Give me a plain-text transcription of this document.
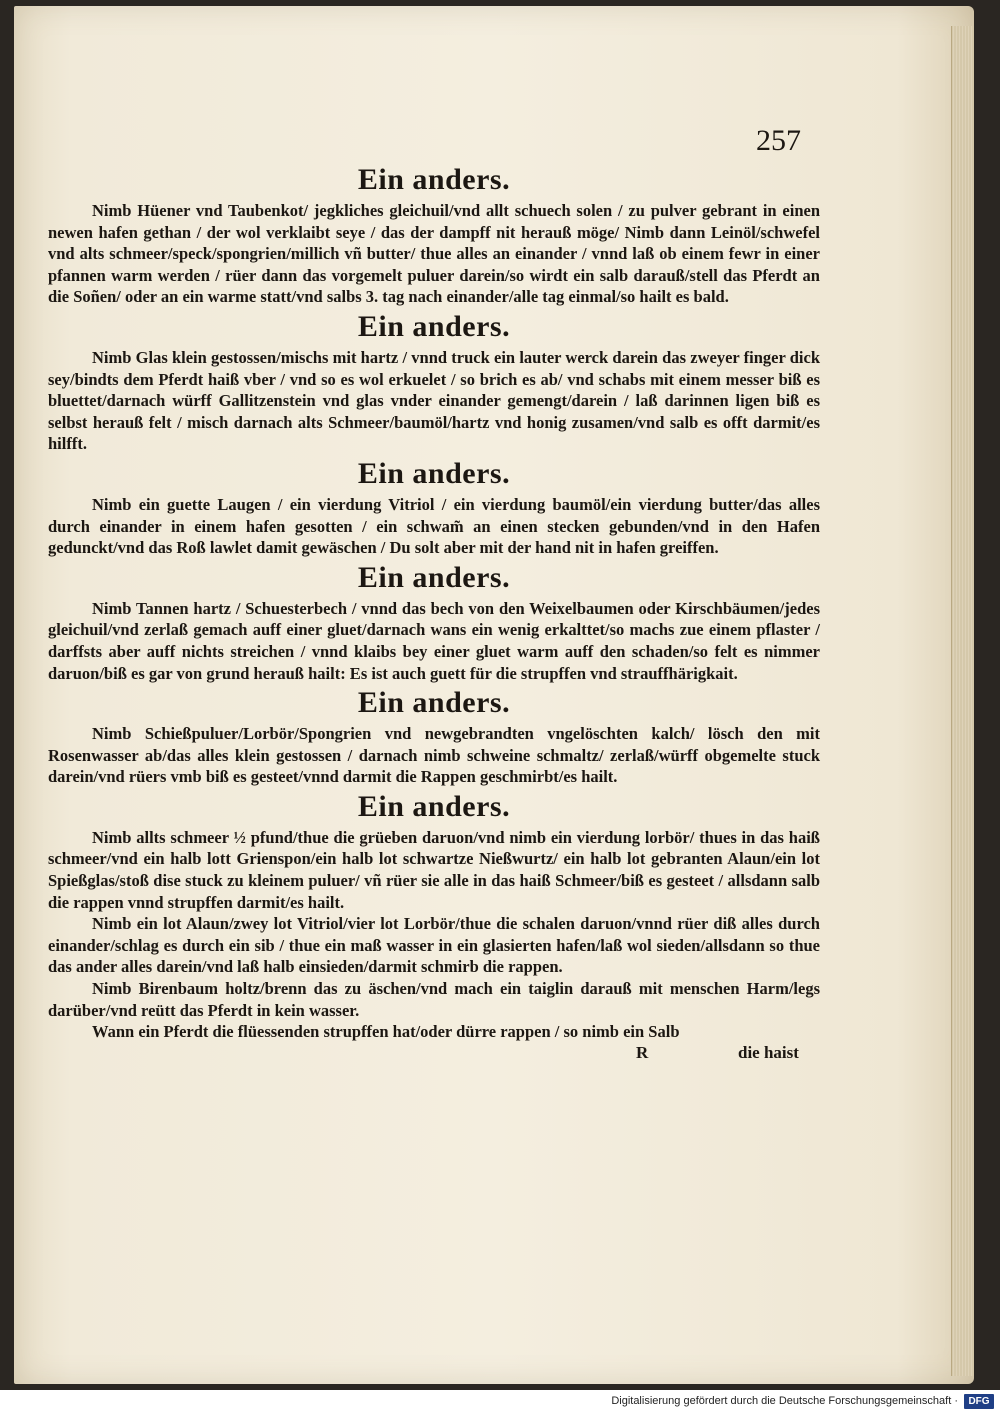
257
Ein anders.

Nimb Hüener vnd Taubenkot/ jegkliches gleichuil/vnd allt schuech solen / zu pulver gebrant in einen newen hafen gethan / der wol verklaibt seye / das der dampff nit herauß möge/ Nimb dann Leinöl/schwefel vnd alts schmeer/speck/spongrien/millich vñ butter/ thue alles an einander / vnnd laß ob einem fewr in einer pfannen warm werden / rüer dann das vorgemelt puluer darein/so wirdt ein salb darauß/stell das Pferdt an die Soñen/ oder an ein warme statt/vnd salbs 3. tag nach einander/alle tag einmal/so hailt es bald.

Ein anders.

Nimb Glas klein gestossen/mischs mit hartz / vnnd truck ein lauter werck darein das zweyer finger dick sey/bindts dem Pferdt haiß vber / vnd so es wol erkuelet / so brich es ab/ vnd schabs mit einem messer biß es bluettet/darnach würff Gallitzenstein vnd glas vnder einander gemengt/darein / laß darinnen ligen biß es selbst herauß felt / misch darnach alts Schmeer/baumöl/hartz vnd honig zusamen/vnd salb es offt darmit/es hilfft.

Ein anders.

Nimb ein guette Laugen / ein vierdung Vitriol / ein vierdung baumöl/ein vierdung butter/das alles durch einander in einem hafen gesotten / ein schwam̃ an einen stecken gebunden/vnd in den Hafen gedunckt/vnd das Roß lawlet damit gewäschen / Du solt aber mit der hand nit in hafen greiffen.

Ein anders.

Nimb Tannen hartz / Schuesterbech / vnnd das bech von den Weixelbaumen oder Kirschbäumen/jedes gleichuil/vnd zerlaß gemach auff einer gluet/darnach wans ein wenig erkalttet/so machs zue einem pflaster / darffsts aber auff nichts streichen / vnnd klaibs bey einer gluet warm auff den schaden/so felt es nimmer daruon/biß es gar von grund herauß hailt: Es ist auch guett für die strupffen vnd strauffhärigkait.

Ein anders.

Nimb Schießpuluer/Lorbör/Spongrien vnd newgebrandten vngelöschten kalch/ lösch den mit Rosenwasser ab/das alles klein gestossen / darnach nimb schweine schmaltz/ zerlaß/würff obgemelte stuck darein/vnd rüers vmb biß es gesteet/vnnd darmit die Rappen geschmirbt/es hailt.

Ein anders.

Nimb allts schmeer ½ pfund/thue die grüeben daruon/vnd nimb ein vierdung lorbör/ thues in das haiß schmeer/vnd ein halb lott Grienspon/ein halb lot schwartze Nießwurtz/ ein halb lot gebranten Alaun/ein lot Spießglas/stoß dise stuck zu kleinem puluer/ vñ rüer sie alle in das haiß Schmeer/biß es gesteet / allsdann salb die rappen vnnd strupffen darmit/es hailt.

Nimb ein lot Alaun/zwey lot Vitriol/vier lot Lorbör/thue die schalen daruon/vnnd rüer diß alles durch einander/schlag es durch ein sib / thue ein maß wasser in ein glasierten hafen/laß wol sieden/allsdann so thue das ander alles darein/vnd laß halb einsieden/darmit schmirb die rappen.

Nimb Birenbaum holtz/brenn das zu äschen/vnd mach ein taiglin darauß mit menschen Harm/legs darüber/vnd reütt das Pferdt in kein wasser.

Wann ein Pferdt die flüessenden strupffen hat/oder dürre rappen / so nimb ein Salb

R	die haist
Digitalisierung gefördert durch die Deutsche Forschungsgemeinschaft ·	DFG
